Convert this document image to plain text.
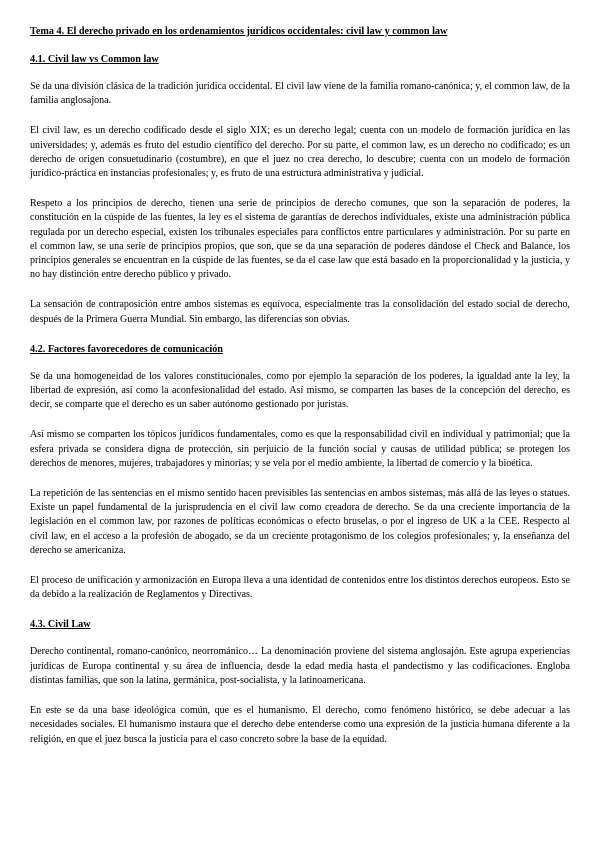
Tema 4. El derecho privado en los ordenamientos jurídicos occidentales: civil law y common law
4.1. Civil law vs Common law

Se da una división clásica de la tradición jurídica occidental. El civil law viene de la familia romano-canónica; y, el common law, de la familia anglosajona.

El civil law, es un derecho codificado desde el siglo XIX; es un derecho legal; cuenta con un modelo de formación jurídica en las universidades; y, además es fruto del estudio científico del derecho. Por su parte, el common law, es un derecho no codificado; es un derecho de origen consuetudinario (costumbre), en que el juez no crea derecho, lo descubre; cuenta con un modelo de formación jurídico-práctica en instancias profesionales; y, es fruto de una estructura administrativa y judicial.

Respeto a los principios de derecho, tienen una serie de principios de derecho comunes, que son la separación de poderes, la constitución en la cúspide de las fuentes, la ley es el sistema de garantías de derechos individuales, existe una administración pública regulada por un derecho especial, existen los tribunales especiales para conflictos entre particulares y administración. Por su parte en el common law, se una serie de principios propios, que son, que se da una separación de poderes dándose el Check and Balance, los principios generales se encuentran en la cúspide de las fuentes, se da el case law que está basado en la proporcionalidad y la justicia, y no hay distinción entre derecho público y privado.

La sensación de contraposición entre ambos sistemas es equívoca, especialmente tras la consolidación del estado social de derecho, después de la Primera Guerra Mundial. Sin embargo, las diferencias son obvias.

4.2. Factores favorecedores de comunicación

Se da una homogeneidad de los valores constitucionales, como por ejemplo la separación de los poderes, la igualdad ante la ley, la libertad de expresión, así como la aconfesionalidad del estado. Así mismo, se comparten las bases de la concepción del derecho, es decir, se comparte que el derecho es un saber autónomo gestionado por juristas.

Así mismo se comparten los tópicos jurídicos fundamentales, como es que la responsabilidad civil en individual y patrimonial; que la esfera privada se considera digna de protección, sin perjuicio de la función social y causas de utilidad pública; se protegen los derechos de menores, mujeres, trabajadores y minorías; y se vela por el medio ambiente, la libertad de comercio y la bioética.

La repetición de las sentencias en el mismo sentido hacen previsibles las sentencias en ambos sistemas, más allá de las leyes o statues. Existe un papel fundamental de la jurisprudencia en el civil law como creadora de derecho. Se da una creciente importancia de la legislación en el common law, por razones de políticas económicas o efecto bruselas, o por el ingreso de UK a la CEE. Respecto al civil law, en el acceso a la profesión de abogado, se da un creciente protagonismo de los colegios profesionales; y, la enseñanza del derecho se americaniza.

El proceso de unificación y armonización en Europa lleva a una identidad de contenidos entre los distintos derechos europeos. Esto se da debido a la realización de Reglamentos y Directivas.

4.3. Civil Law

Derecho continental, romano-canónico, neorrománico… La denominación proviene del sistema anglosajón. Este agrupa experiencias jurídicas de Europa continental y su área de influencia, desde la edad media hasta el pandectismo y las codificaciones. Engloba distintas familias, que son la latina, germánica, post-socialista, y la latinoamericana.

En este se da una base ideológica común, que es el humanismo. El derecho, como fenómeno histórico, se debe adecuar a las necesidades sociales. El humanismo instaura que el derecho debe entenderse como una expresión de la justicia humana diferente a la religión, en que el juez busca la justicia para el caso concreto sobre la base de la equidad.
